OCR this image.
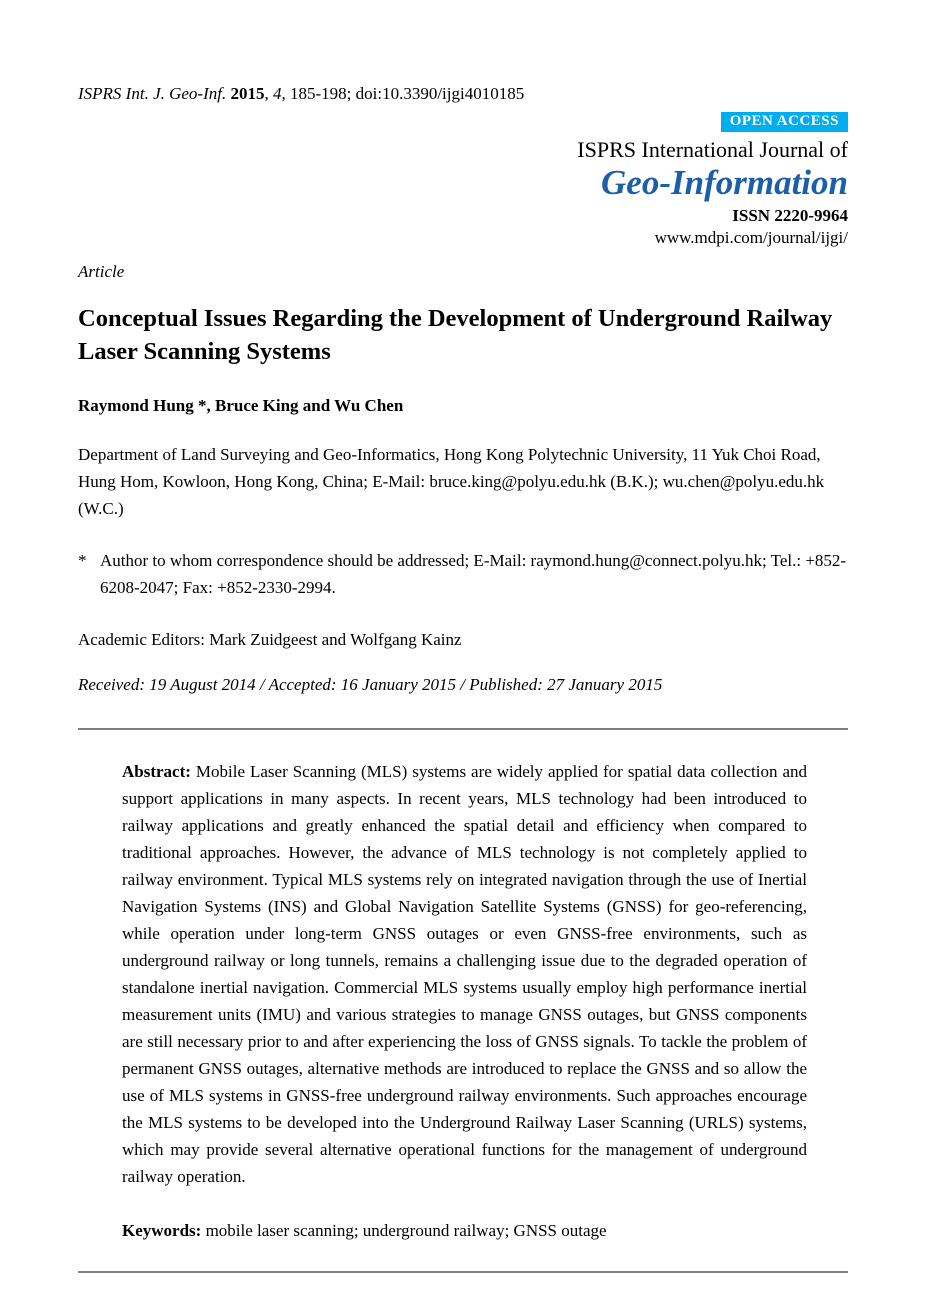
ISPRS Int. J. Geo-Inf. 2015, 4, 185-198; doi:10.3390/ijgi4010185
OPEN ACCESS
ISPRS International Journal of
Geo-Information
ISSN 2220-9964
www.mdpi.com/journal/ijgi/
Article
Conceptual Issues Regarding the Development of Underground Railway Laser Scanning Systems
Raymond Hung *, Bruce King and Wu Chen
Department of Land Surveying and Geo-Informatics, Hong Kong Polytechnic University, 11 Yuk Choi Road, Hung Hom, Kowloon, Hong Kong, China; E-Mail: bruce.king@polyu.edu.hk (B.K.); wu.chen@polyu.edu.hk (W.C.)
* Author to whom correspondence should be addressed; E-Mail: raymond.hung@connect.polyu.hk; Tel.: +852-6208-2047; Fax: +852-2330-2994.
Academic Editors: Mark Zuidgeest and Wolfgang Kainz
Received: 19 August 2014 / Accepted: 16 January 2015 / Published: 27 January 2015

Abstract: Mobile Laser Scanning (MLS) systems are widely applied for spatial data collection and support applications in many aspects. In recent years, MLS technology had been introduced to railway applications and greatly enhanced the spatial detail and efficiency when compared to traditional approaches. However, the advance of MLS technology is not completely applied to railway environment. Typical MLS systems rely on integrated navigation through the use of Inertial Navigation Systems (INS) and Global Navigation Satellite Systems (GNSS) for geo-referencing, while operation under long-term GNSS outages or even GNSS-free environments, such as underground railway or long tunnels, remains a challenging issue due to the degraded operation of standalone inertial navigation. Commercial MLS systems usually employ high performance inertial measurement units (IMU) and various strategies to manage GNSS outages, but GNSS components are still necessary prior to and after experiencing the loss of GNSS signals. To tackle the problem of permanent GNSS outages, alternative methods are introduced to replace the GNSS and so allow the use of MLS systems in GNSS-free underground railway environments. Such approaches encourage the MLS systems to be developed into the Underground Railway Laser Scanning (URLS) systems, which may provide several alternative operational functions for the management of underground railway operation.

Keywords: mobile laser scanning; underground railway; GNSS outage
